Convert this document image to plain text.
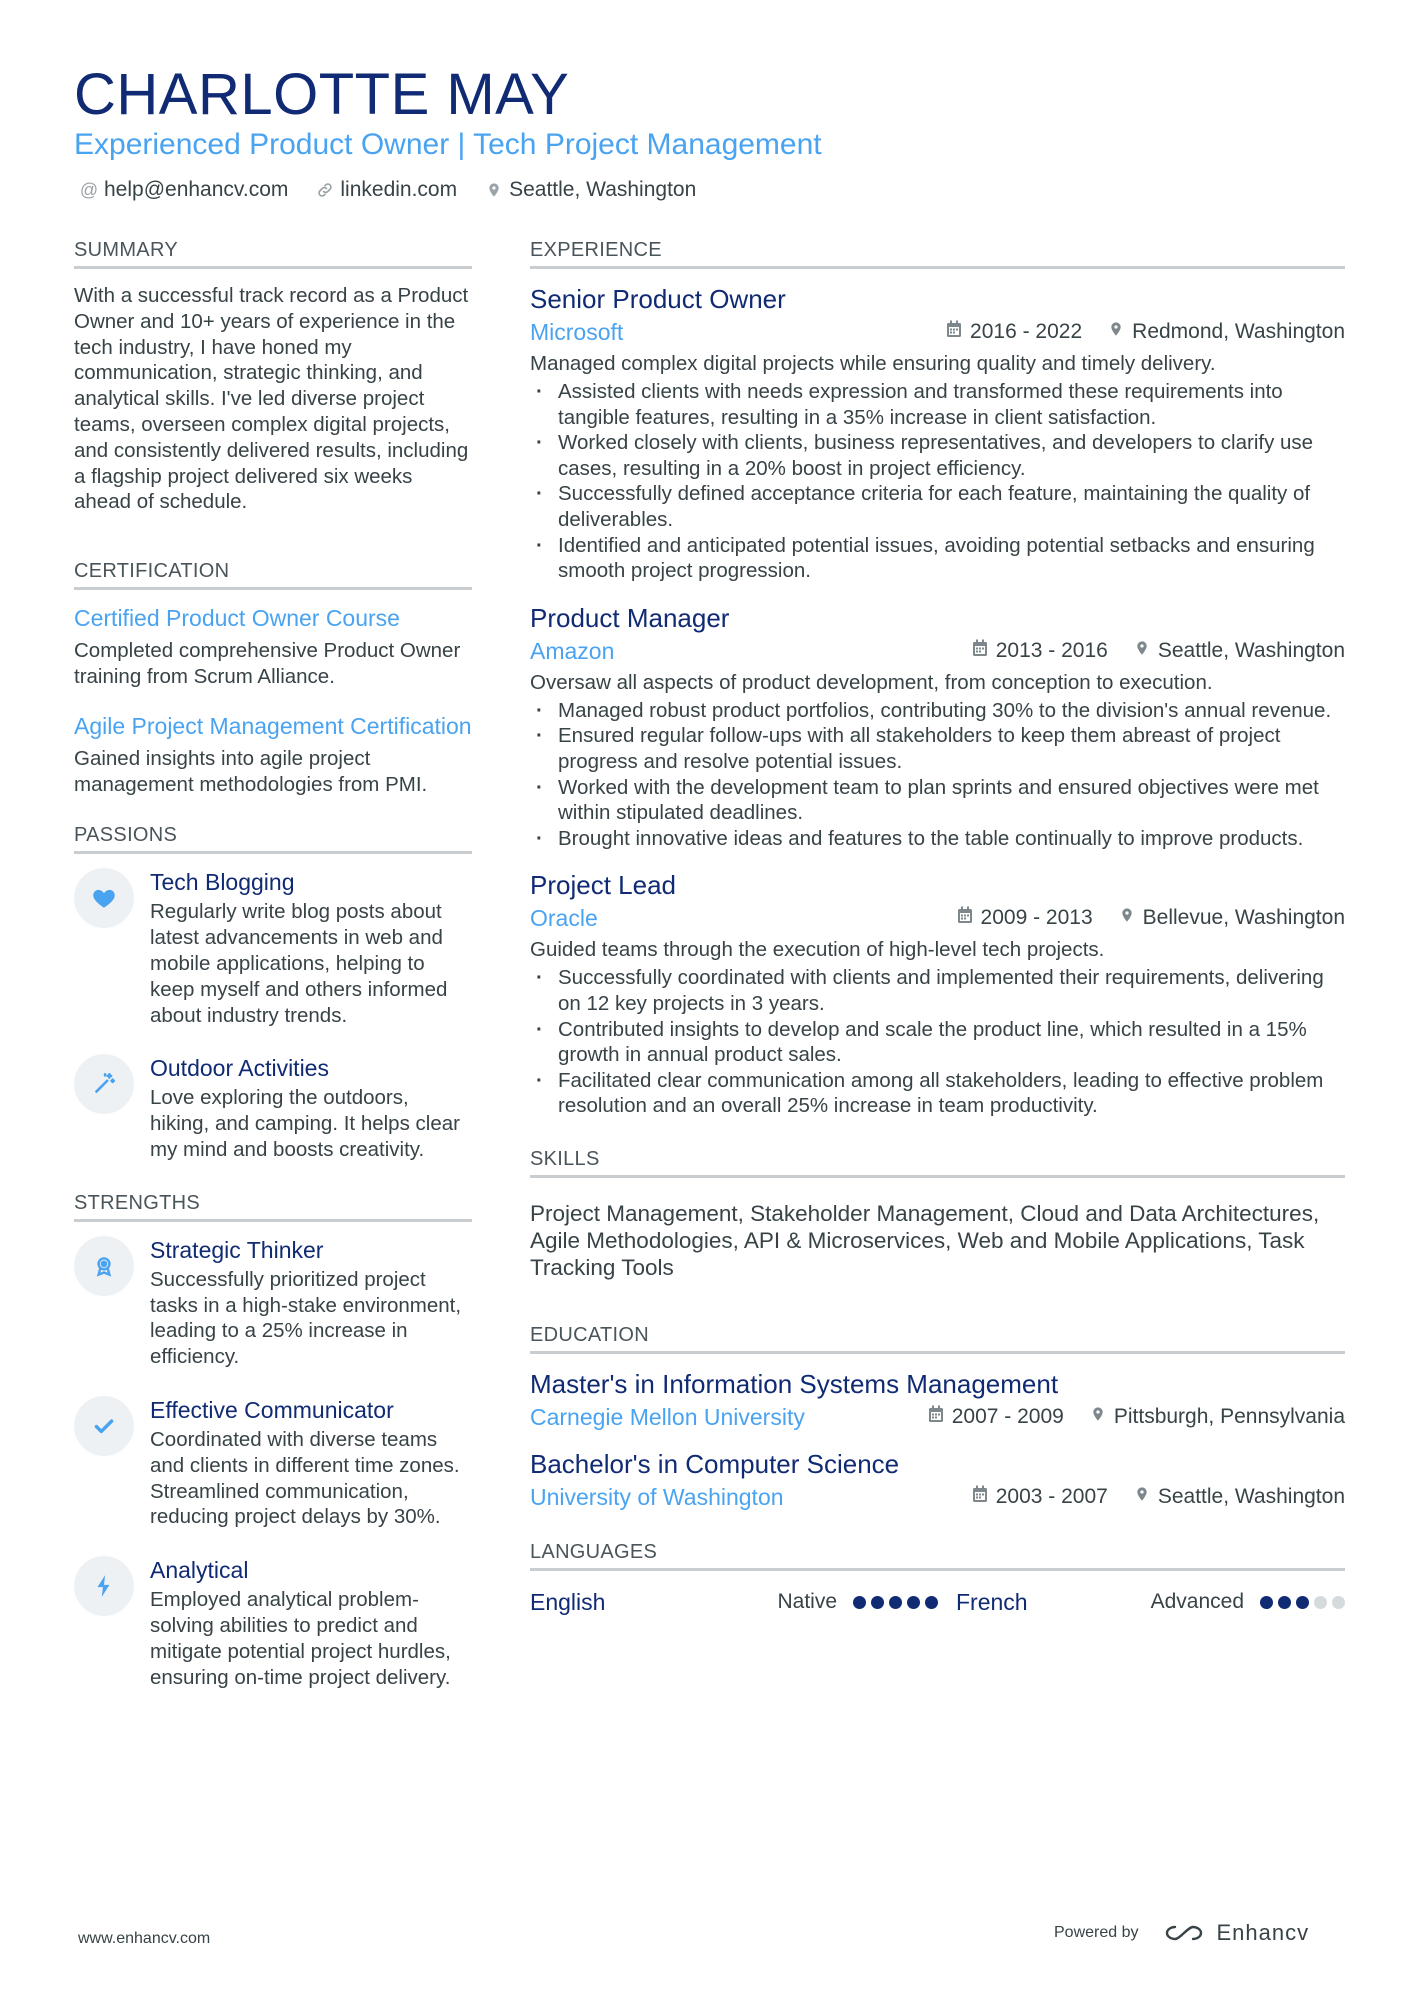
CHARLOTTE MAY
Experienced Product Owner | Tech Project Management
@ help@enhancv.com linkedin.com Seattle, Washington
SUMMARY
With a successful track record as a Product Owner and 10+ years of experience in the tech industry, I have honed my communication, strategic thinking, and analytical skills. I've led diverse project teams, overseen complex digital projects, and consistently delivered results, including a flagship project delivered six weeks ahead of schedule.
CERTIFICATION
Certified Product Owner Course
Completed comprehensive Product Owner training from Scrum Alliance.
Agile Project Management Certification
Gained insights into agile project management methodologies from PMI.
PASSIONS
Tech Blogging
Regularly write blog posts about latest advancements in web and mobile applications, helping to keep myself and others informed about industry trends.
Outdoor Activities
Love exploring the outdoors, hiking, and camping. It helps clear my mind and boosts creativity.
STRENGTHS
Strategic Thinker
Successfully prioritized project tasks in a high-stake environment, leading to a 25% increase in efficiency.
Effective Communicator
Coordinated with diverse teams and clients in different time zones. Streamlined communication, reducing project delays by 30%.
Analytical
Employed analytical problem-solving abilities to predict and mitigate potential project hurdles, ensuring on-time project delivery.
EXPERIENCE
Senior Product Owner
Microsoft	2016 - 2022 Redmond, Washington
Managed complex digital projects while ensuring quality and timely delivery.
· Assisted clients with needs expression and transformed these requirements into tangible features, resulting in a 35% increase in client satisfaction.
· Worked closely with clients, business representatives, and developers to clarify use cases, resulting in a 20% boost in project efficiency.
· Successfully defined acceptance criteria for each feature, maintaining the quality of deliverables.
· Identified and anticipated potential issues, avoiding potential setbacks and ensuring smooth project progression.
Product Manager
Amazon	2013 - 2016 Seattle, Washington
Oversaw all aspects of product development, from conception to execution.
· Managed robust product portfolios, contributing 30% to the division's annual revenue.
· Ensured regular follow-ups with all stakeholders to keep them abreast of project progress and resolve potential issues.
· Worked with the development team to plan sprints and ensured objectives were met within stipulated deadlines.
· Brought innovative ideas and features to the table continually to improve products.
Project Lead
Oracle	2009 - 2013 Bellevue, Washington
Guided teams through the execution of high-level tech projects.
· Successfully coordinated with clients and implemented their requirements, delivering on 12 key projects in 3 years.
· Contributed insights to develop and scale the product line, which resulted in a 15% growth in annual product sales.
· Facilitated clear communication among all stakeholders, leading to effective problem resolution and an overall 25% increase in team productivity.
SKILLS
Project Management, Stakeholder Management, Cloud and Data Architectures, Agile Methodologies, API & Microservices, Web and Mobile Applications, Task Tracking Tools
EDUCATION
Master's in Information Systems Management
Carnegie Mellon University	2007 - 2009 Pittsburgh, Pennsylvania
Bachelor's in Computer Science
University of Washington	2003 - 2007 Seattle, Washington
LANGUAGES
English	Native	French	Advanced
www.enhancv.com	Powered by	Enhancv
